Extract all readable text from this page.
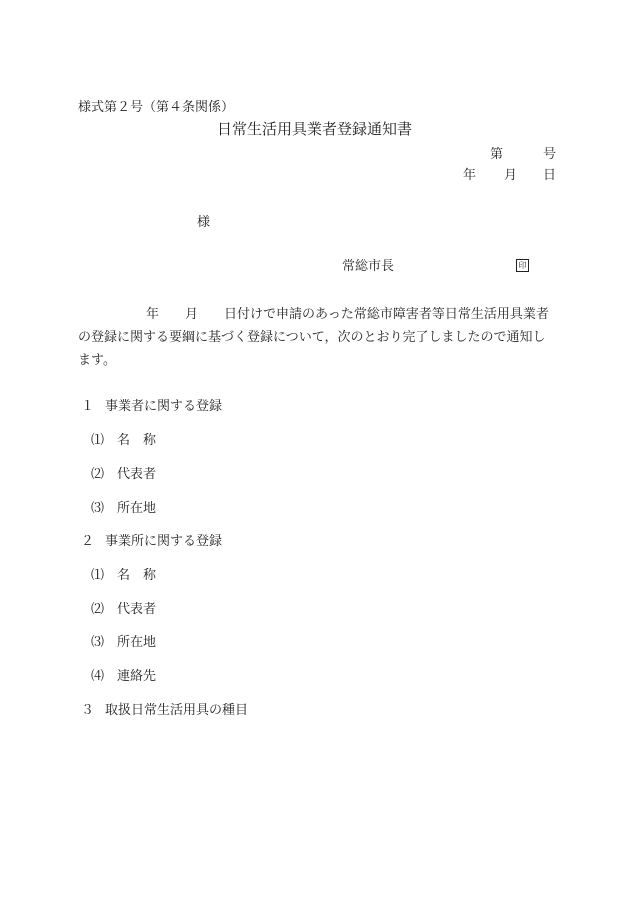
様式第２号（第４条関係）
日常生活用具業者登録通知書
第	号
年 月 日
様
常総市長	印
年　　月　　日付けで申請のあった常総市障害者等日常生活用具業者
の登録に関する要綱に基づく登録について，次のとおり完了しましたので通知し
ます。
１ 事業者に関する登録
⑴ 名　称
⑵ 代表者
⑶ 所在地
２ 事業所に関する登録
⑴ 名　称
⑵ 代表者
⑶ 所在地
⑷ 連絡先
３ 取扱日常生活用具の種目
